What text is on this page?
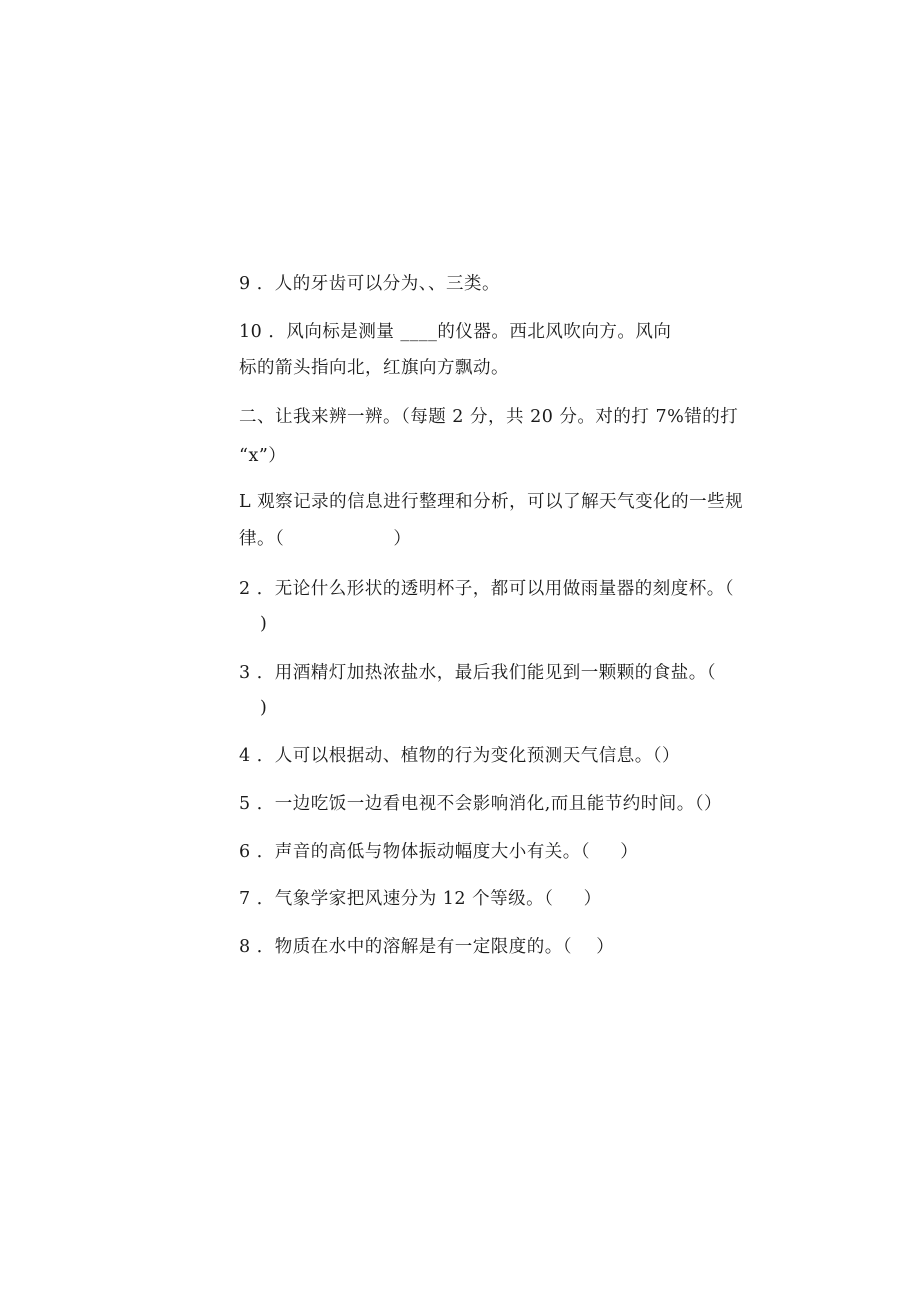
9 ．人的牙齿可以分为、、三类。
10 ．风向标是测量 ____的仪器。西北风吹向方。风向
标的箭头指向北，红旗向方飘动。
二、让我来辨一辨。（每题 2 分，共 20 分。对的打 7%错的打
“x”）
L 观察记录的信息进行整理和分析，可以了解天气变化的一些规
律。（                  ）
2 ．无论什么形状的透明杯子，都可以用做雨量器的刻度杯。（
)
3 ．用酒精灯加热浓盐水，最后我们能见到一颗颗的食盐。（
)
4 ．人可以根据动、植物的行为变化预测天气信息。（）
5 ．一边吃饭一边看电视不会影响消化,而且能节约时间。（）
6 ．声音的高低与物体振动幅度大小有关。（     ）
7 ．气象学家把风速分为 12 个等级。（     ）
8 ．物质在水中的溶解是有一定限度的。（    ）
